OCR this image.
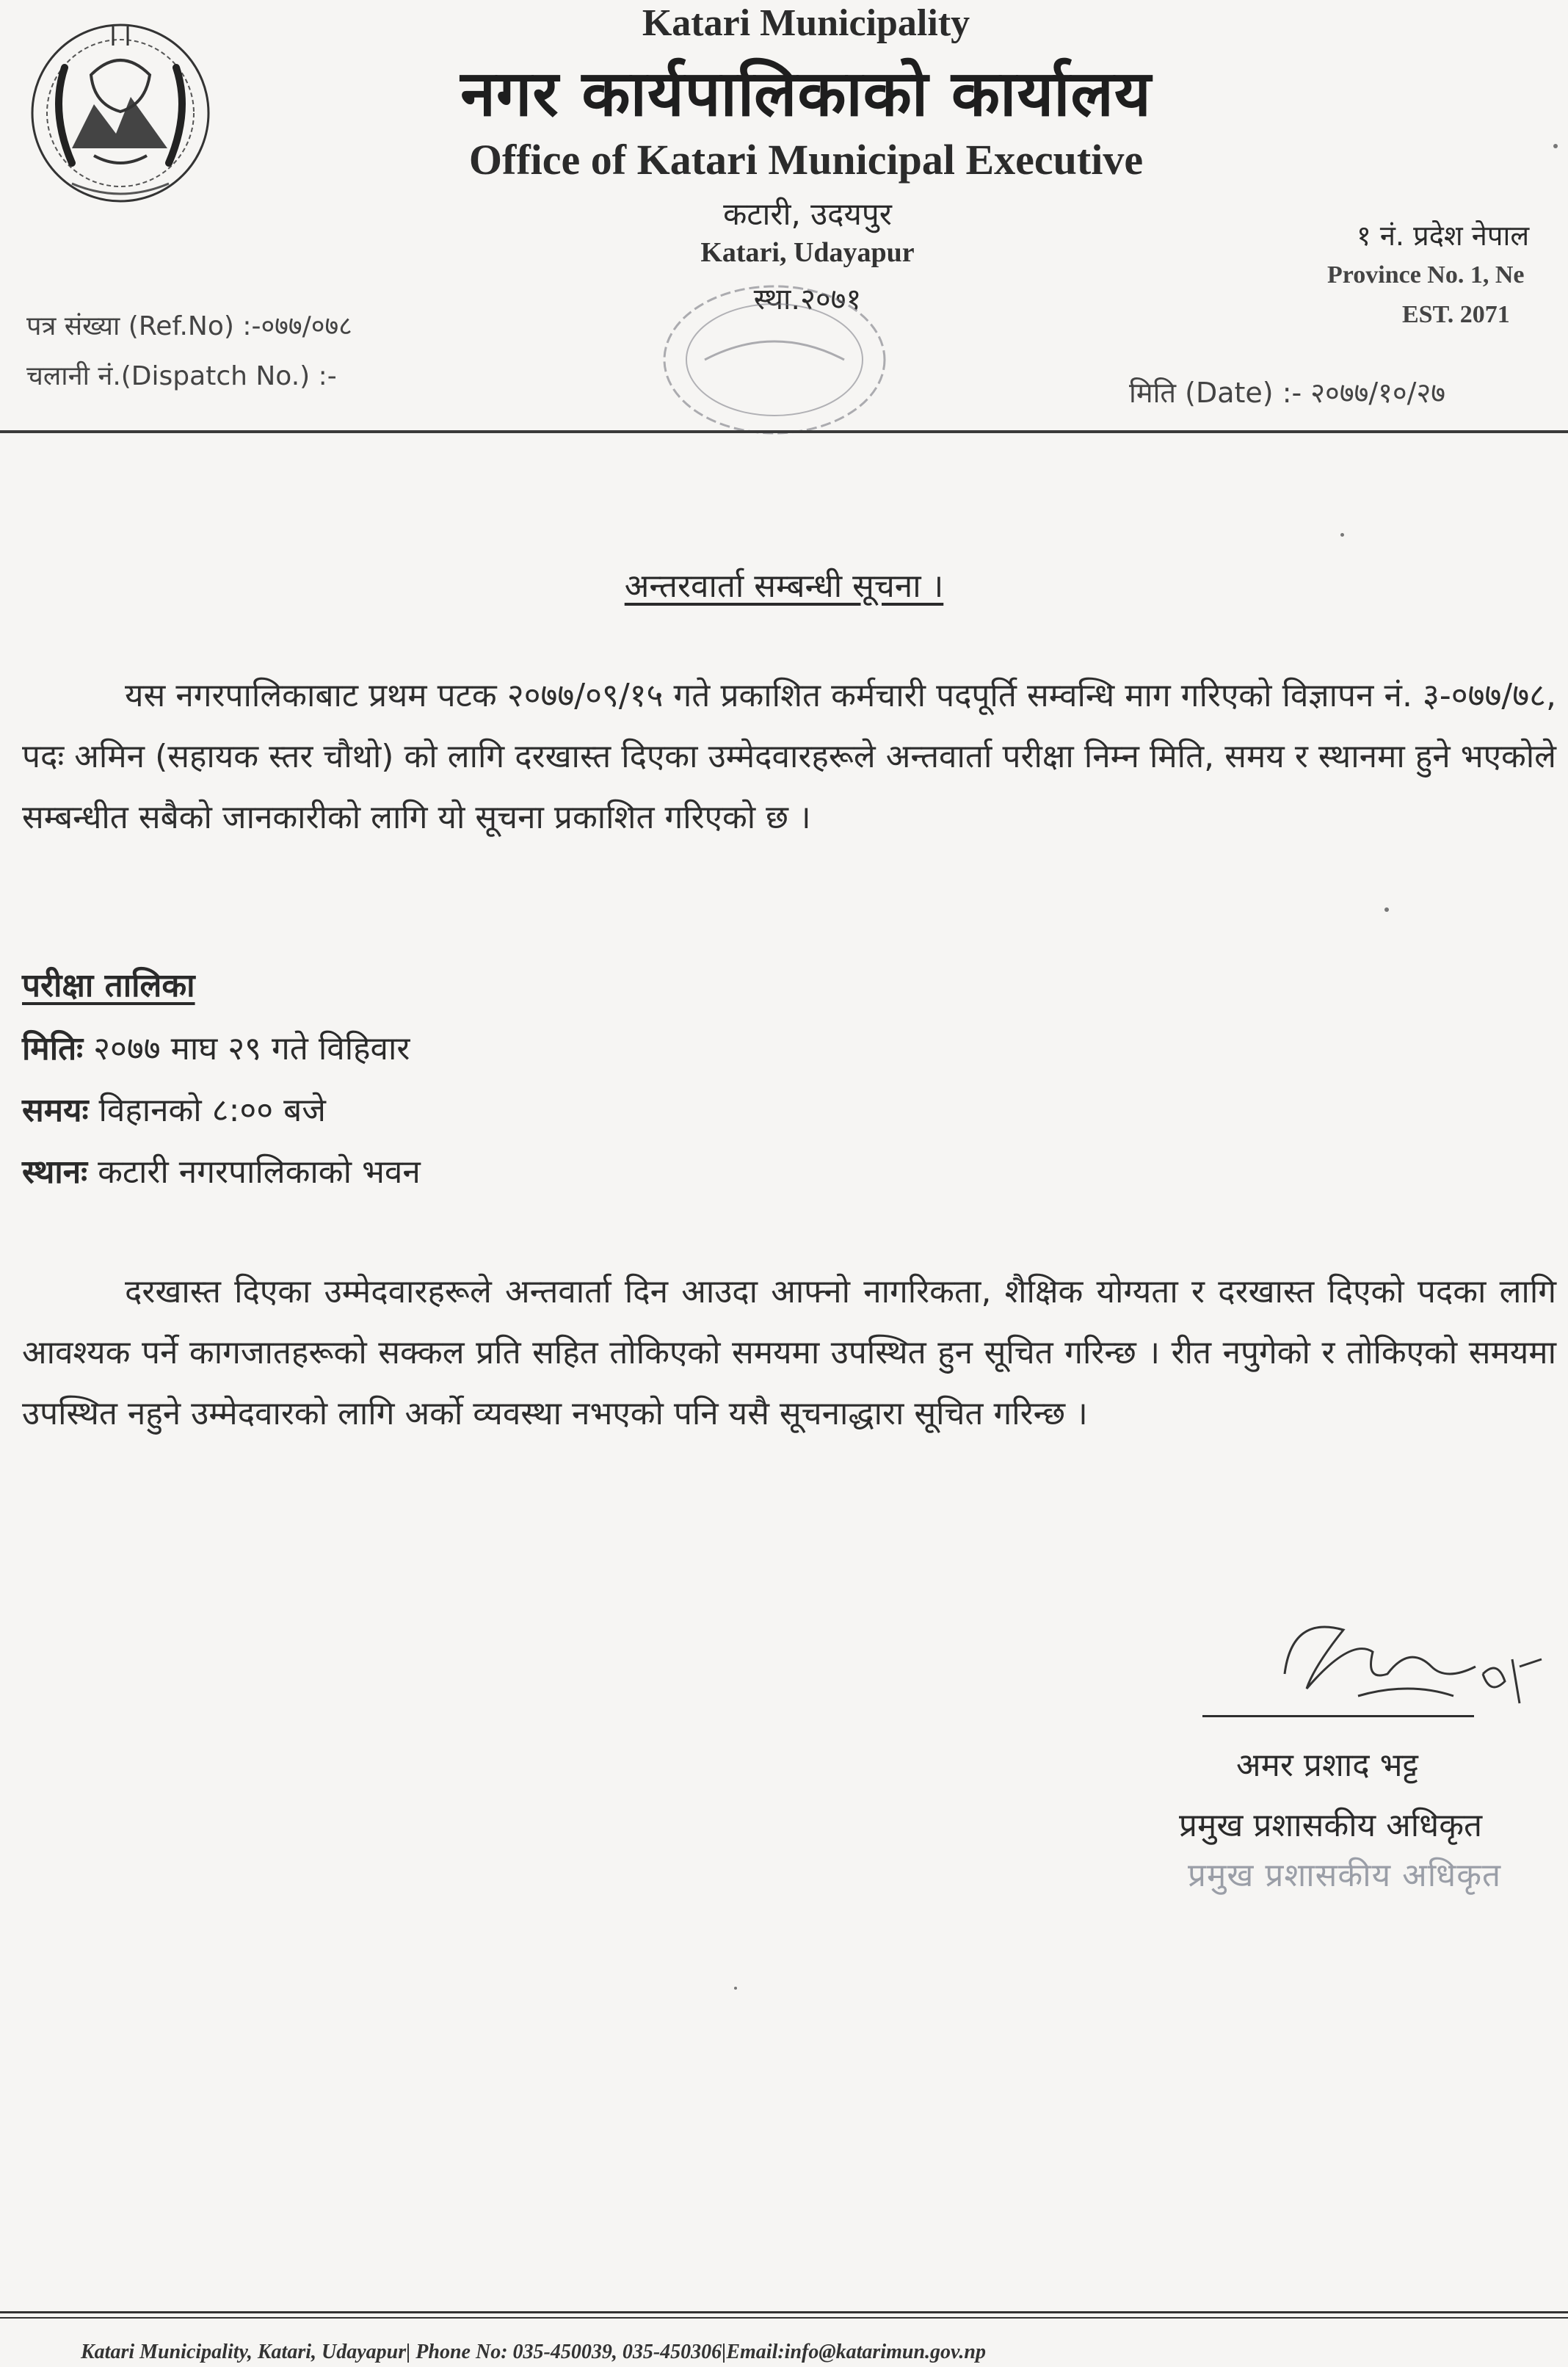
Katari Municipality
नगर कार्यपालिकाको कार्यालय
Office of Katari Municipal Executive
कटारी, उदयपुर
Katari, Udayapur
स्था.२०७१
१ नं. प्रदेश नेपाल
Province No. 1, Ne
EST. 2071
पत्र संख्या (Ref.No) :-०७७/०७८
चलानी नं.(Dispatch No.) :-
मिति (Date) :- २०७७/१०/२७
अन्तरवार्ता सम्बन्धी सूचना ।
यस नगरपालिकाबाट प्रथम पटक २०७७/०९/१५ गते प्रकाशित कर्मचारी पदपूर्ति सम्वन्धि माग गरिएको विज्ञापन नं. ३-०७७/७८, पदः अमिन (सहायक स्तर चौथो) को लागि दरखास्त दिएका उम्मेदवारहरूले अन्तवार्ता परीक्षा निम्न मिति, समय र स्थानमा हुने भएकोले सम्बन्धीत सबैको जानकारीको लागि यो सूचना प्रकाशित गरिएको छ ।
परीक्षा तालिका
मितिः २०७७ माघ २९ गते विहिवार
समयः विहानको ८:०० बजे
स्थानः कटारी नगरपालिकाको भवन
दरखास्त दिएका उम्मेदवारहरूले अन्तवार्ता दिन आउदा आफ्नो नागरिकता, शैक्षिक योग्यता र दरखास्त दिएको पदका लागि आवश्यक पर्ने कागजातहरूको सक्कल प्रति सहित तोकिएको समयमा उपस्थित हुन सूचित गरिन्छ । रीत नपुगेको र तोकिएको समयमा उपस्थित नहुने उम्मेदवारको लागि अर्को व्यवस्था नभएको पनि यसै सूचनाद्धारा सूचित गरिन्छ ।
अमर प्रशाद भट्ट
प्रमुख प्रशासकीय अधिकृत
प्रमुख प्रशासकीय अधिकृत
Katari Municipality, Katari, Udayapur| Phone No: 035-450039, 035-450306|Email:info@katarimun.gov.np
